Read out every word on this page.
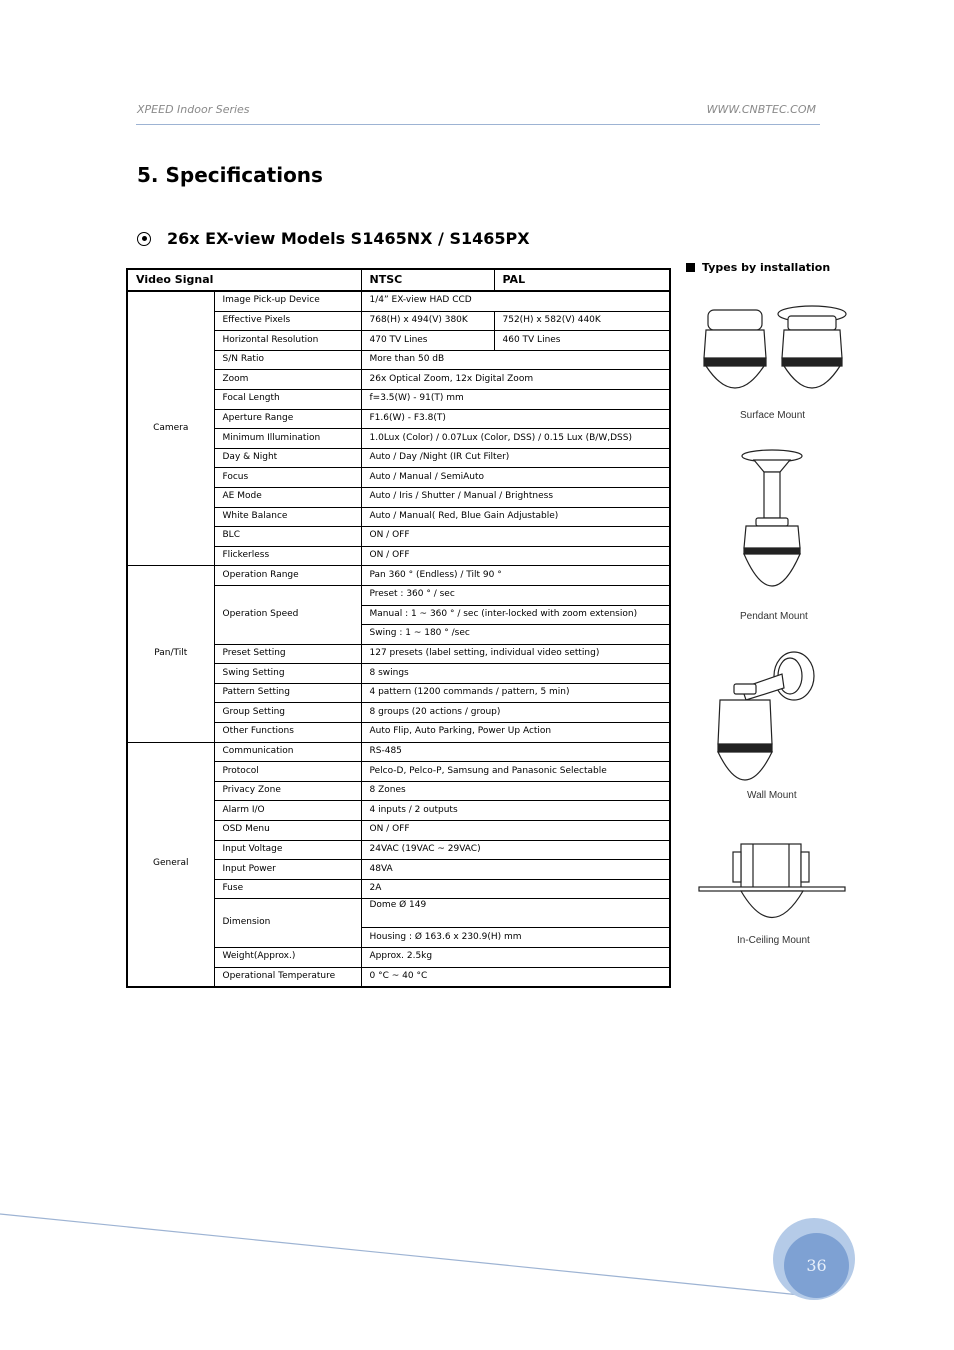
XPEED Indoor Series	WWW.CNBTEC.COM
5. Specifications
26x EX-view Models S1465NX / S1465PX
Video Signal		NTSC	PAL
Camera	Image Pick-up Device	1/4” EX-view HAD CCD	
	Effective Pixels	768(H) x 494(V) 380K	752(H) x 582(V) 440K
	Horizontal Resolution	470 TV Lines	460 TV Lines
	S/N Ratio	More than 50 dB	
	Zoom	26x Optical Zoom, 12x Digital Zoom	
	Focal Length	f=3.5(W) - 91(T) mm	
	Aperture Range	F1.6(W) - F3.8(T)	
	Minimum Illumination	1.0Lux (Color) / 0.07Lux (Color, DSS) / 0.15 Lux (B/W,DSS)	
	Day & Night	Auto / Day /Night (IR Cut Filter)	
	Focus	Auto / Manual / SemiAuto	
	AE Mode	Auto / Iris / Shutter / Manual / Brightness	
	White Balance	Auto / Manual( Red, Blue Gain Adjustable)	
	BLC	ON / OFF	
	Flickerless	ON / OFF	
Pan/Tilt	Operation Range	Pan 360 ° (Endless) / Tilt 90 °	
	Operation Speed	Preset : 360 ° / sec	
		Manual : 1 ~ 360 ° / sec (inter-locked with zoom extension)	
		Swing : 1 ~ 180 ° /sec	
	Preset Setting	127 presets (label setting, individual video setting)	
	Swing Setting	8 swings	
	Pattern Setting	4 pattern (1200 commands / pattern, 5 min)	
	Group Setting	8 groups (20 actions / group)	
	Other Functions	Auto Flip, Auto Parking, Power Up Action	
General	Communication	RS-485	
	Protocol	Pelco-D, Pelco-P, Samsung and Panasonic Selectable	
	Privacy Zone	8 Zones	
	Alarm I/O	4 inputs / 2 outputs	
	OSD Menu	ON / OFF	
	Input Voltage	24VAC (19VAC ~ 29VAC)	
	Input Power	48VA	
	Fuse	2A	
	Dimension	Dome Ø 149	
		Housing : Ø 163.6 x 230.9(H) mm	
	Weight(Approx.)	Approx. 2.5kg	
	Operational Temperature	0 °C ~ 40 °C	
Types by installation
Surface Mount
Pendant Mount
Wall Mount
In-Ceiling Mount
36
